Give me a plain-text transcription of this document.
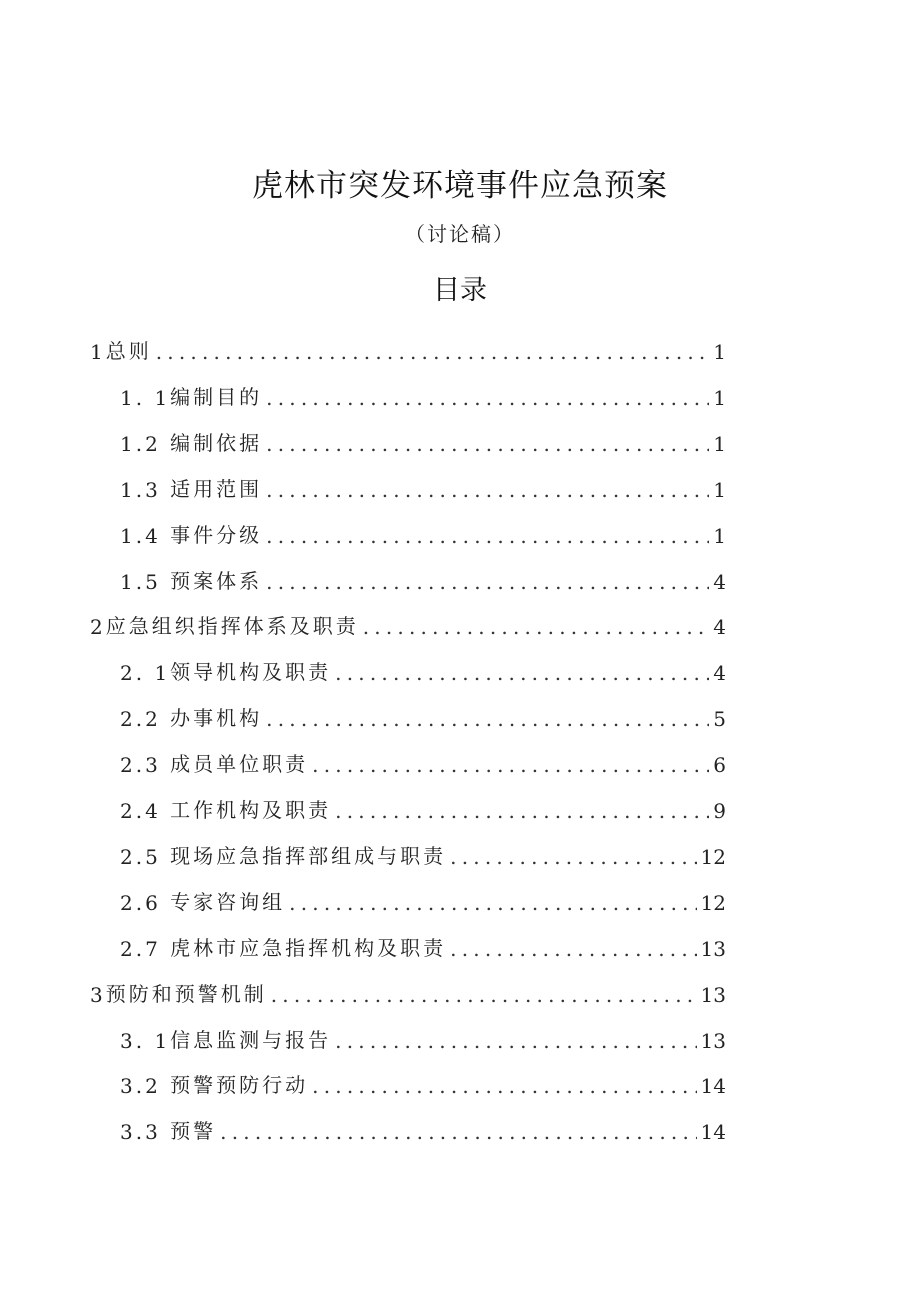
虎林市突发环境事件应急预案
（讨论稿）
目录
1 总则 .....	1
1. 1 编制目的 .....	1
1.2 编制依据 .....	1
1.3 适用范围 .....	1
1.4 事件分级 .....	1
1.5 预案体系 .....	4
2 应急组织指挥体系及职责 .....	4
2. 1 领导机构及职责 .....	4
2.2 办事机构 .....	5
2.3 成员单位职责 .....	6
2.4 工作机构及职责 .....	9
2.5 现场应急指挥部组成与职责 .....	12
2.6 专家咨询组 .....	12
2.7 虎林市应急指挥机构及职责 .....	13
3 预防和预警机制 .....	13
3. 1 信息监测与报告 .....	13
3.2 预警预防行动 .....	14
3.3 预警 .....	14
